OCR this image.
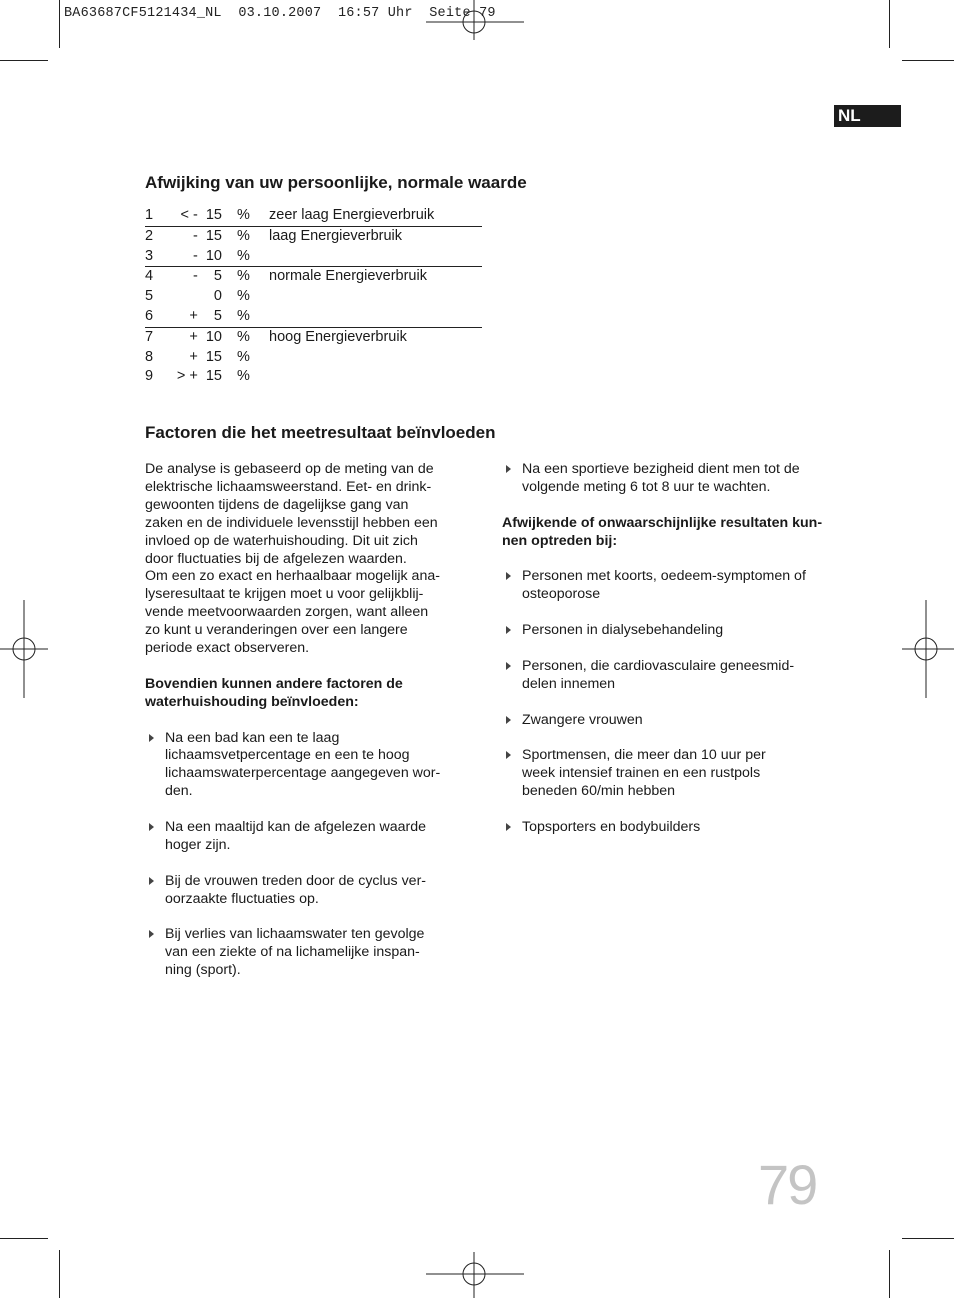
BA63687CF5121434_NL  03.10.2007  16:57 Uhr  Seite 79
NL
Afwijking van uw persoonlijke, normale waarde
1	< -  15 % zeer laag Energieverbruik
2	-  15 % laag Energieverbruik
3	-  10 %
4	-    5 % normale Energieverbruik
5	0 %
6	+    5 %
7	+  10 % hoog Energieverbruik
8	+  15 %
9	> +  15 %
Factoren die het meetresultaat beïnvloeden
De analyse is gebaseerd op de meting van de
elektrische lichaamsweerstand. Eet- en drink-
gewoonten tijdens de dagelijkse gang van
zaken en de individuele levensstijl hebben een
invloed op de waterhuishouding. Dit uit zich
door fluctuaties bij de afgelezen waarden.
Om een zo exact en herhaalbaar mogelijk ana-
lyseresultaat te krijgen moet u voor gelijkblij-
vende meetvoorwaarden zorgen, want alleen
zo kunt u veranderingen over een langere
periode exact observeren.
Bovendien kunnen andere factoren de
waterhuishouding beïnvloeden:
Na een bad kan een te laag
lichaamsvetpercentage en een te hoog
lichaamswaterpercentage aangegeven wor-
den.
Na een maaltijd kan de afgelezen waarde
hoger zijn.
Bij de vrouwen treden door de cyclus ver-
oorzaakte fluctuaties op.
Bij verlies van lichaamswater ten gevolge
van een ziekte of na lichamelijke inspan-
ning (sport).
Na een sportieve bezigheid dient men tot de
volgende meting 6 tot 8 uur te wachten.
Afwijkende of onwaarschijnlijke resultaten kun-
nen optreden bij:
Personen met koorts, oedeem-symptomen of
osteoporose
Personen in dialysebehandeling
Personen, die cardiovasculaire geneesmid-
delen innemen
Zwangere vrouwen
Sportmensen, die meer dan 10 uur per
week intensief trainen en een rustpols
beneden 60/min hebben
Topsporters en bodybuilders
79
